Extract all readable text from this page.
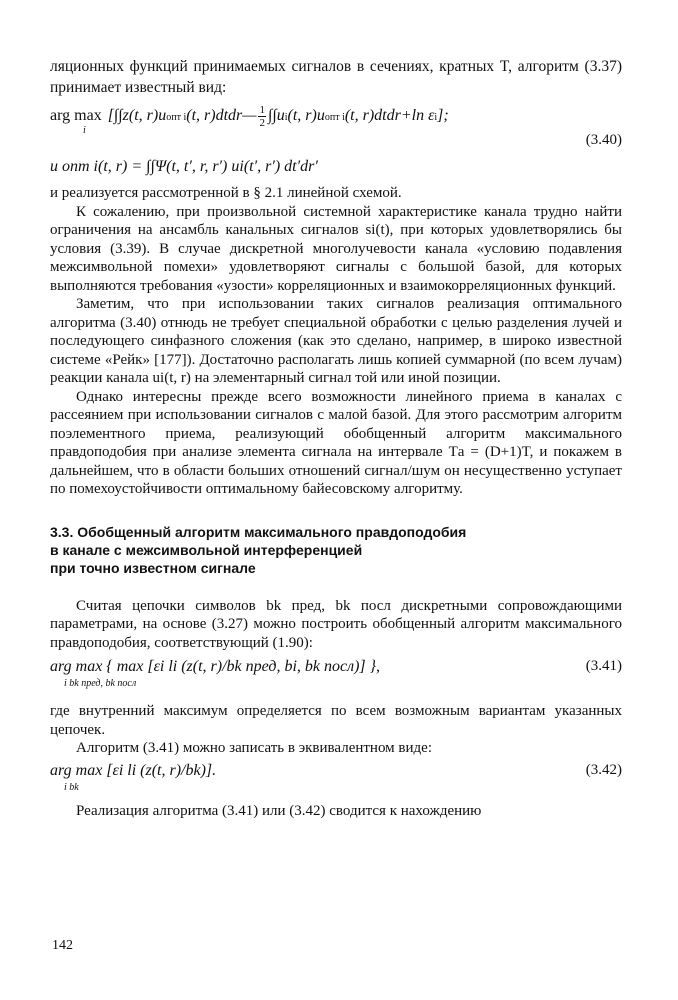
ляционных функций принимаемых сигналов в сечениях, кратных T, алгоритм (3.37) принимает известный вид:

arg max
i
[∫∫z(t, r)uопт i(t, r)dtdr— $\frac{1}{2} \int\int ui(t$, r)uопт i(t, r)dtdr+ln εi];
(3.40)
u опт i(t, r) = ∫∫Ψ(t, t′, r, r′) ui(t′, r′) dt′dr′

и реализуется рассмотренной в § 2.1 линейной схемой.

К сожалению, при произвольной системной характеристике канала трудно найти ограничения на ансамбль канальных сигналов si(t), при которых удовлетворялись бы условия (3.39). В случае дискретной многолучевости канала «условию подавления межсимвольной помехи» удовлетворяют сигналы с большой базой, для которых выполняются требования «узости» корреляционных и взаимокорреляционных функций.

Заметим, что при использовании таких сигналов реализация оптимального алгоритма (3.40) отнюдь не требует специальной обработки с целью разделения лучей и последующего синфазного сложения (как это сделано, например, в широко известной системе «Рейк» [177]). Достаточно располагать лишь копией суммарной (по всем лучам) реакции канала ui(t, r) на элементарный сигнал той или иной позиции.

Однако интересны прежде всего возможности линейного приема в каналах с рассеянием при использовании сигналов с малой базой. Для этого рассмотрим алгоритм поэлементного приема, реализующий обобщенный алгоритм максимального правдоподобия при анализе элемента сигнала на интервале Tа = (D+1)T, и покажем в дальнейшем, что в области больших отношений сигнал/шум он несущественно уступает по помехоустойчивости оптимальному байесовскому алгоритму.

3.3. Обобщенный алгоритм максимального правдоподобия

в канале с межсимвольной интерференцией

при точно известном сигнале

Считая цепочки символов bk пред, bk посл дискретными сопровождающими параметрами, на основе (3.27) можно построить обобщенный алгоритм максимального правдоподобия, соответствующий (1.90):

arg max { max [εi li (z(t, r)/bk пред, bi, bk посл)] },
i bk пред, bk посл
(3.41)

где внутренний максимум определяется по всем возможным вариантам указанных цепочек.

Алгоритм (3.41) можно записать в эквивалентном виде:

arg max [εi li (z(t, r)/bk)].
i bk
(3.42)

Реализация алгоритма (3.41) или (3.42) сводится к нахождению

142
